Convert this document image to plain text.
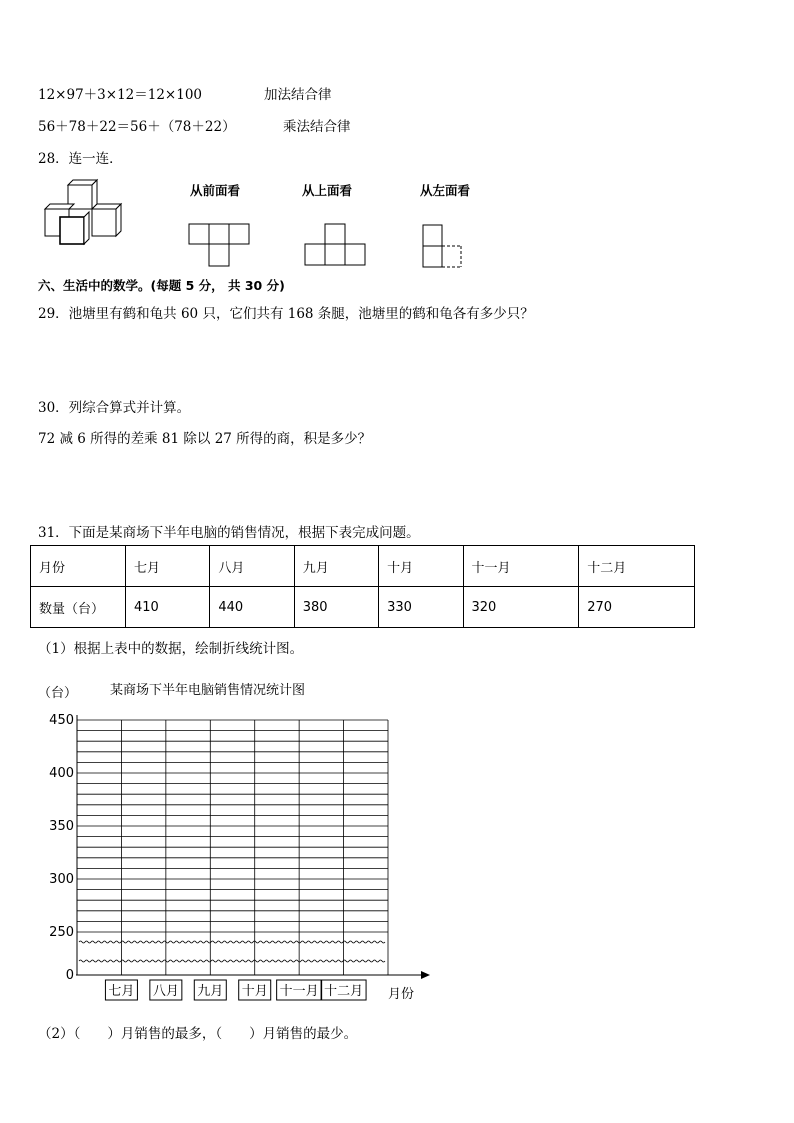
12×97＋3×12＝12×100	加法结合律
56＋78＋22＝56＋（78＋22）	乘法结合律
28．连一连．
从前面看	从上面看	从左面看
0
250
300
350
400
450
七月 八月 九月 十月 十一月 十二月
六、生活中的数学。(每题 5 分， 共 30 分)
29．池塘里有鹤和龟共 60 只，它们共有 168 条腿，池塘里的鹤和龟各有多少只？
30．列综合算式并计算。
72 减 6 所得的差乘 81 除以 27 所得的商，积是多少？
31．下面是某商场下半年电脑的销售情况，根据下表完成问题。
月份	七月	八月	九月	十月	十一月	十二月
数量（台）	410	440	380	330	320	270
（1）根据上表中的数据，绘制折线统计图。
（台）	某商场下半年电脑销售情况统计图
月份
（2）（　　）月销售的最多，（　　）月销售的最少。
